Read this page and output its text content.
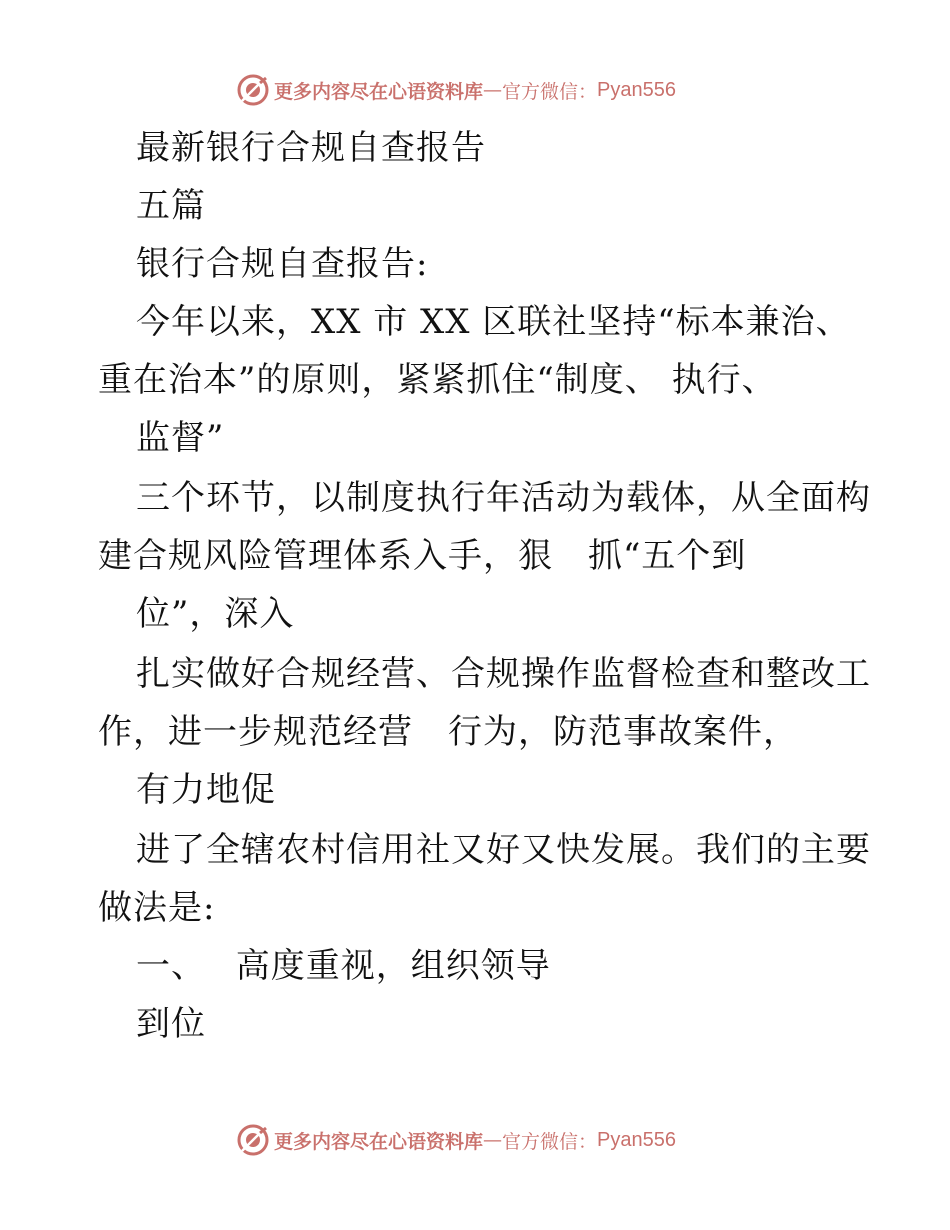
更多内容尽在心语资料库 — 官方微信： Pyan556
最新银行合规自查报告
五篇
银行合规自查报告:
今年以来，XX 市 XX 区联社坚持“标本兼治、
重在治本”的原则，紧紧抓住“制度、 执行、
监督”
三个环节，以制度执行年活动为载体，从全面构
建合规风险管理体系入手，狠　抓“五个到
位”，深入
扎实做好合规经营、合规操作监督检查和整改工
作，进一步规范经营　行为，防范事故案件，
有力地促
进了全辖农村信用社又好又快发展。我们的主要
做法是:
一、　 高度重视，组织领导
到位
更多内容尽在心语资料库 — 官方微信： Pyan556
